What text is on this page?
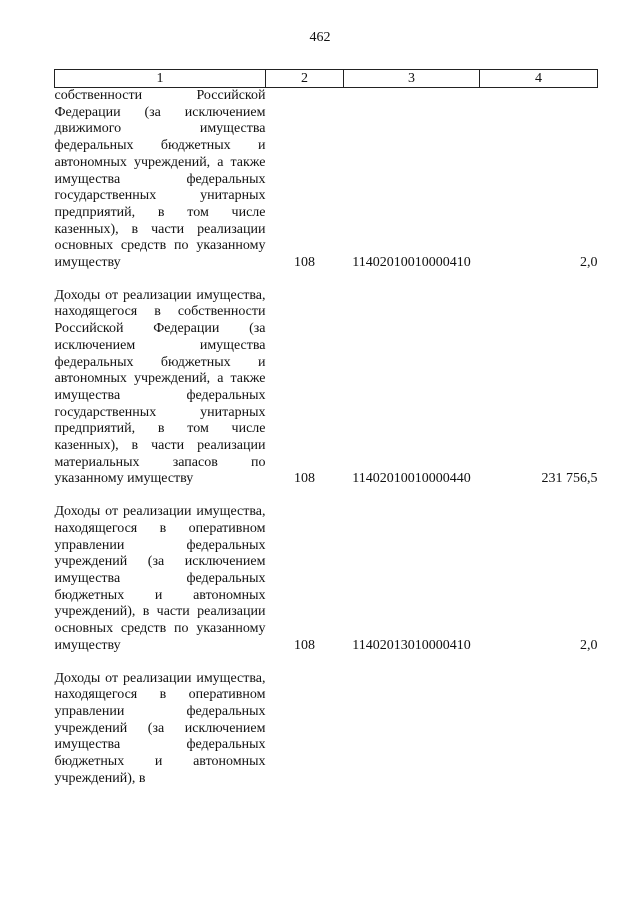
462
1	2	3	4
собственности Российской Федерации (за исключением движимого имущества федеральных бюджетных и автономных учреждений, а также имущества федеральных государственных унитарных предприятий, в том числе казенных), в части реализации основных средств по указанному имуществу	108	11402010010000410	2,0

Доходы от реализации имущества, находящегося в собственности Российской Федерации (за исключением имущества федеральных бюджетных и автономных учреждений, а также имущества федеральных государственных унитарных предприятий, в том числе казенных), в части реализации материальных запасов по указанному имуществу	108	11402010010000440	231 756,5

Доходы от реализации имущества, находящегося в оперативном управлении федеральных учреждений (за исключением имущества федеральных бюджетных и автономных учреждений), в части реализации основных средств по указанному имуществу	108	11402013010000410	2,0

Доходы от реализации имущества, находящегося в оперативном управлении федеральных учреждений (за исключением имущества федеральных бюджетных и автономных учреждений), в			
